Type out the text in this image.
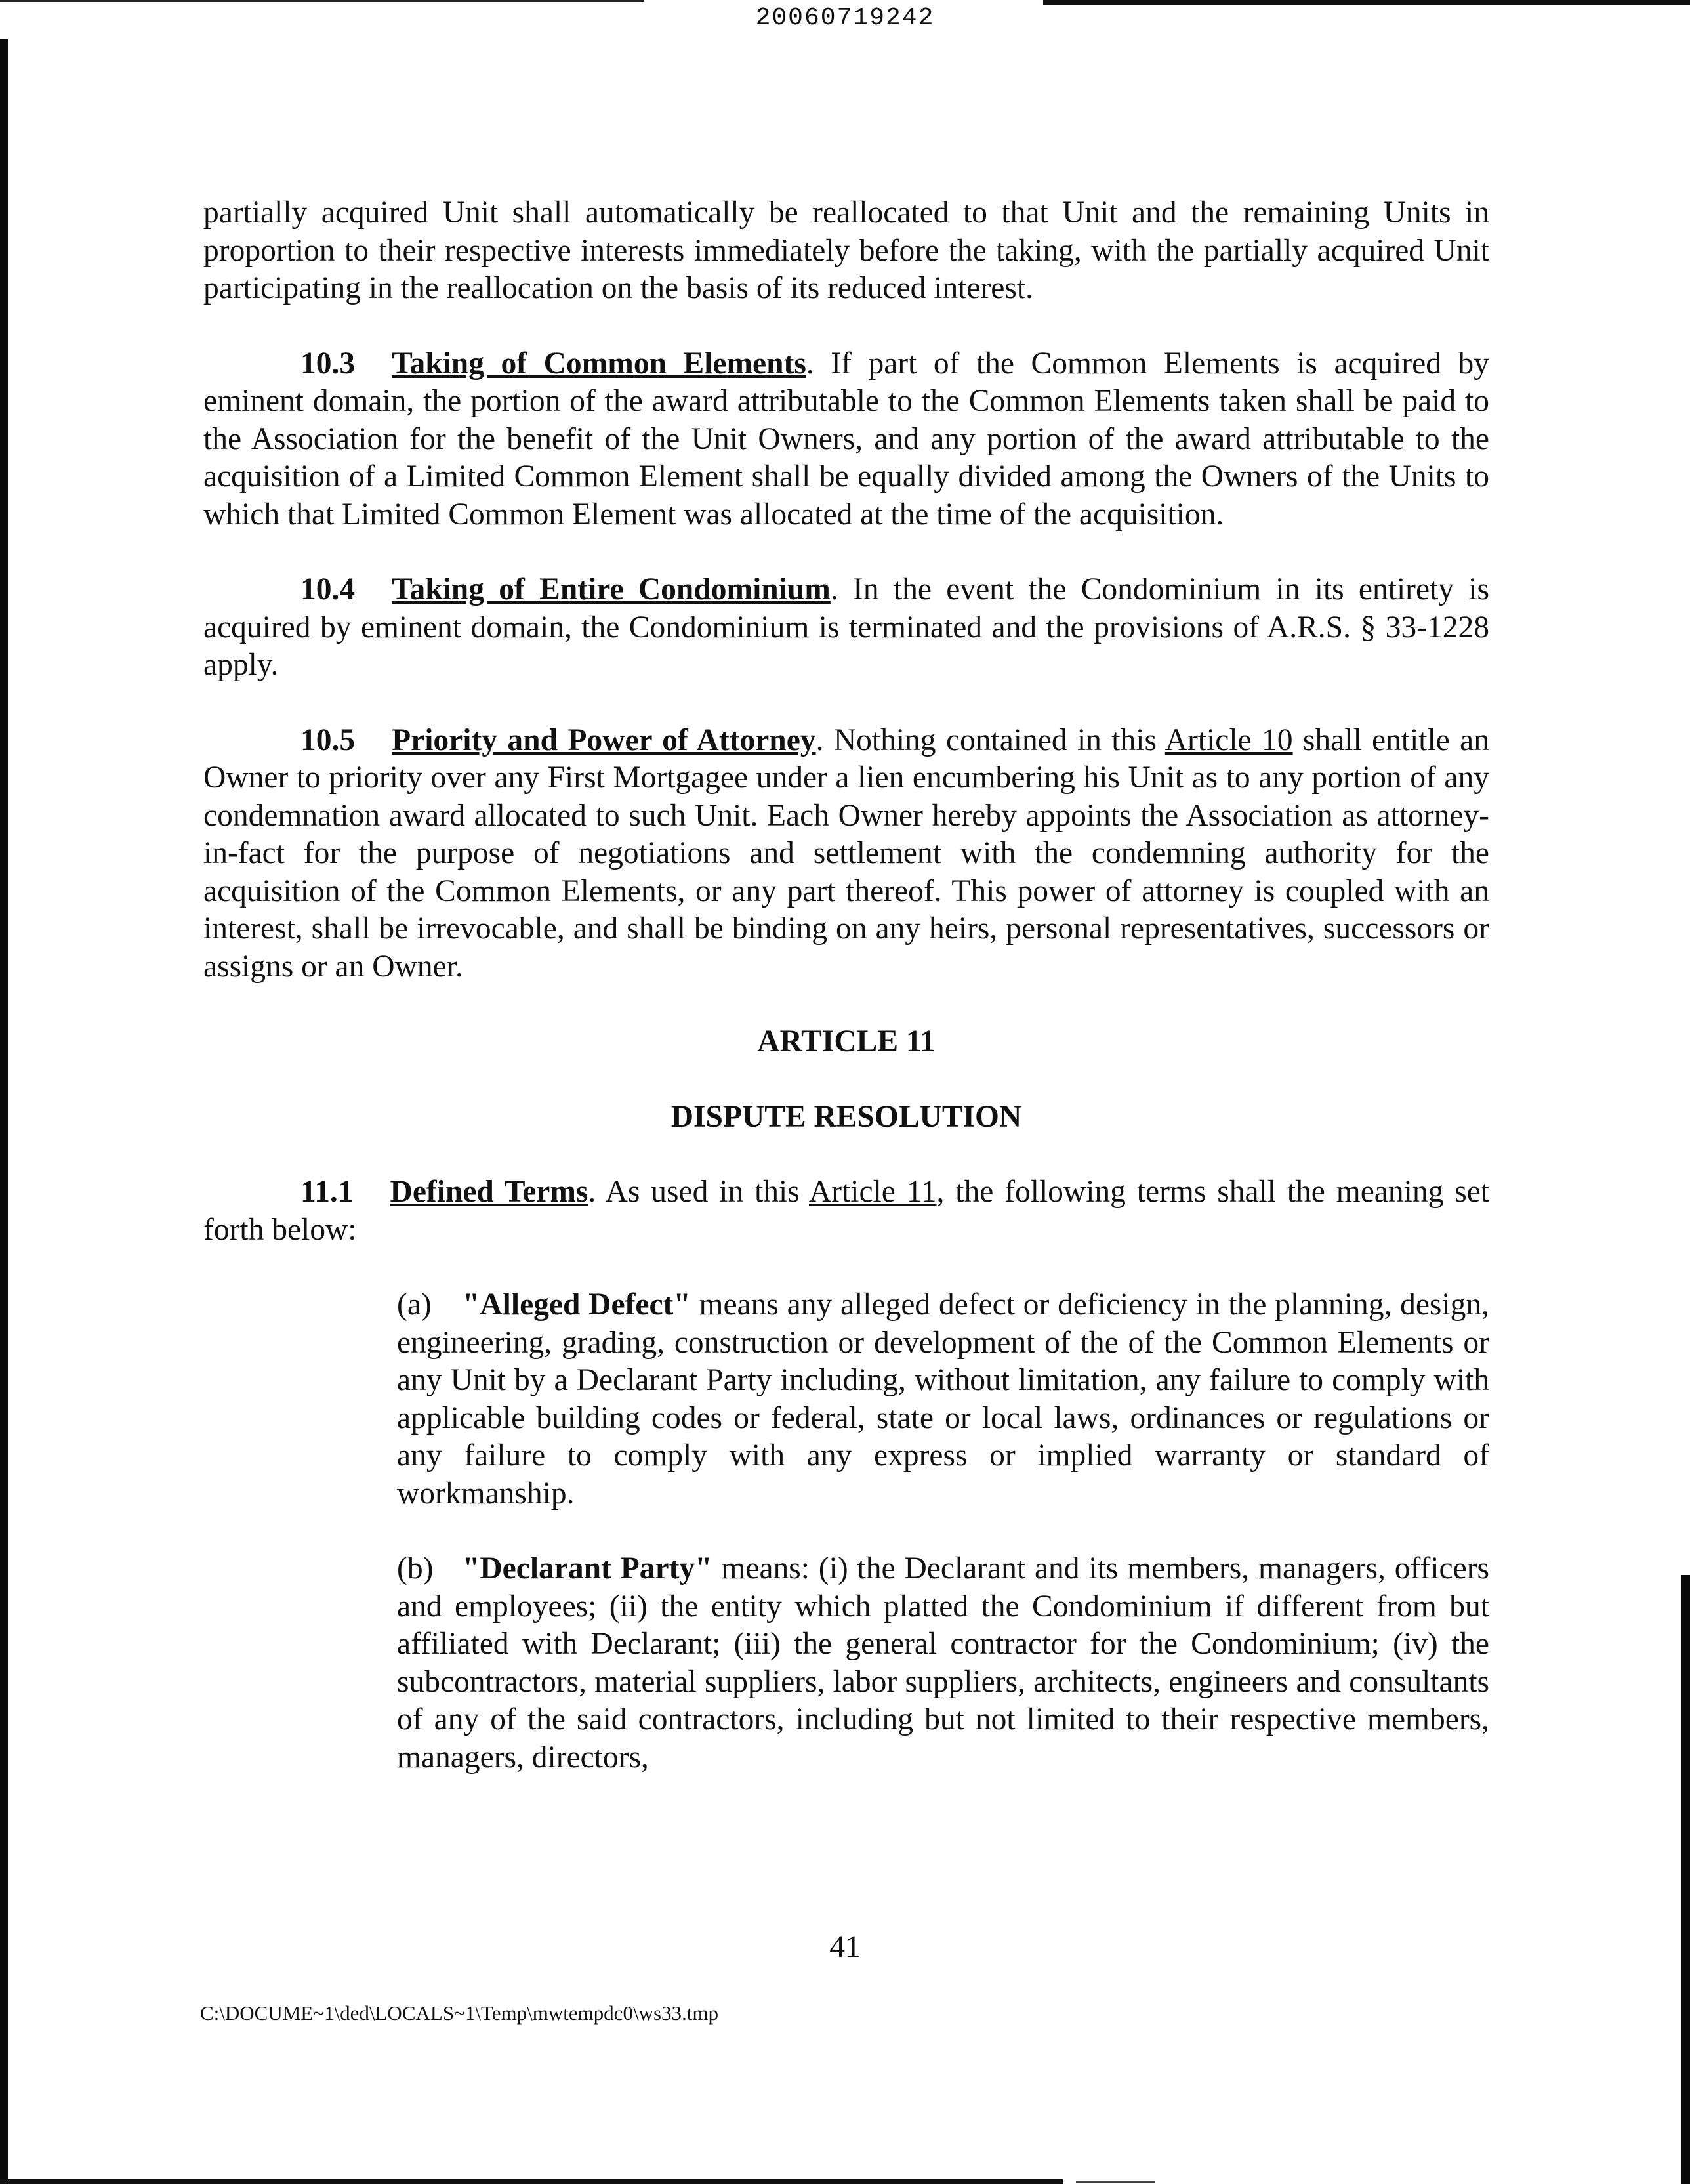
20060719242

partially acquired Unit shall automatically be reallocated to that Unit and the remaining Units in proportion to their respective interests immediately before the taking, with the partially acquired Unit participating in the reallocation on the basis of its reduced interest.

10.3 Taking of Common Elements. If part of the Common Elements is acquired by eminent domain, the portion of the award attributable to the Common Elements taken shall be paid to the Association for the benefit of the Unit Owners, and any portion of the award attributable to the acquisition of a Limited Common Element shall be equally divided among the Owners of the Units to which that Limited Common Element was allocated at the time of the acquisition.

10.4 Taking of Entire Condominium. In the event the Condominium in its entirety is acquired by eminent domain, the Condominium is terminated and the provisions of A.R.S. § 33-1228 apply.

10.5 Priority and Power of Attorney. Nothing contained in this Article 10 shall entitle an Owner to priority over any First Mortgagee under a lien encumbering his Unit as to any portion of any condemnation award allocated to such Unit. Each Owner hereby appoints the Association as attorney-in-fact for the purpose of negotiations and settlement with the condemning authority for the acquisition of the Common Elements, or any part thereof. This power of attorney is coupled with an interest, shall be irrevocable, and shall be binding on any heirs, personal representatives, successors or assigns or an Owner.

ARTICLE 11

DISPUTE RESOLUTION

11.1 Defined Terms. As used in this Article 11, the following terms shall the meaning set forth below:

(a) "Alleged Defect" means any alleged defect or deficiency in the planning, design, engineering, grading, construction or development of the of the Common Elements or any Unit by a Declarant Party including, without limitation, any failure to comply with applicable building codes or federal, state or local laws, ordinances or regulations or any failure to comply with any express or implied warranty or standard of workmanship.

(b) "Declarant Party" means: (i) the Declarant and its members, managers, officers and employees; (ii) the entity which platted the Condominium if different from but affiliated with Declarant; (iii) the general contractor for the Condominium; (iv) the subcontractors, material suppliers, labor suppliers, architects, engineers and consultants of any of the said contractors, including but not limited to their respective members, managers, directors,

41
C:\DOCUME~1\ded\LOCALS~1\Temp\mwtempdc0\ws33.tmp
